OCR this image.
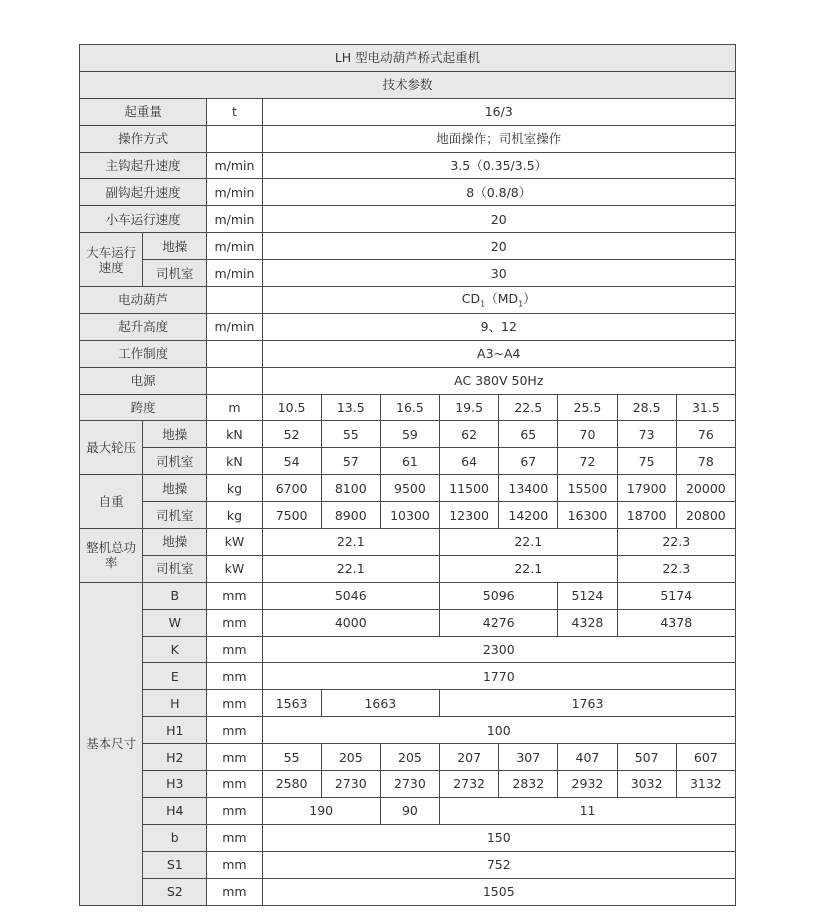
LH 型电动葫芦桥式起重机										
技术参数										
起重量		t	16/3							
操作方式			地面操作；司机室操作							
主钩起升速度		m/min	3.5（0.35/3.5）							
副钩起升速度		m/min	8（0.8/8）							
小车运行速度		m/min	20							
大车运行速度	地操	m/min	20							
	司机室	m/min	30							
电动葫芦			$CD_1(MD_1)$							
起升高度		m/min	9、12							
工作制度			A3~A4							
电源			AC 380V 50Hz							
跨度		m	10.5	13.5	16.5	19.5	22.5	25.5	28.5	31.5
最大轮压	地操	kN	52	55	59	62	65	70	73	76
	司机室	kN	54	57	61	64	67	72	75	78
自重	地操	kg	6700	8100	9500	11500	13400	15500	17900	20000
	司机室	kg	7500	8900	10300	12300	14200	16300	18700	20800
整机总功率	地操	kW	22.1			22.1			22.3	
	司机室	kW	22.1			22.1			22.3	
基本尺寸	B	mm	5046			5096		5124	5174	
	W	mm	4000			4276		4328	4378	
	K	mm	2300							
	E	mm	1770							
	H	mm	1563	1663		1763				
	H1	mm	100							
	H2	mm	55	205	205	207	307	407	507	607
	H3	mm	2580	2730	2730	2732	2832	2932	3032	3132
	H4	mm	190		90	11				
	b	mm	150							
	S1	mm	752							
	S2	mm	1505							
